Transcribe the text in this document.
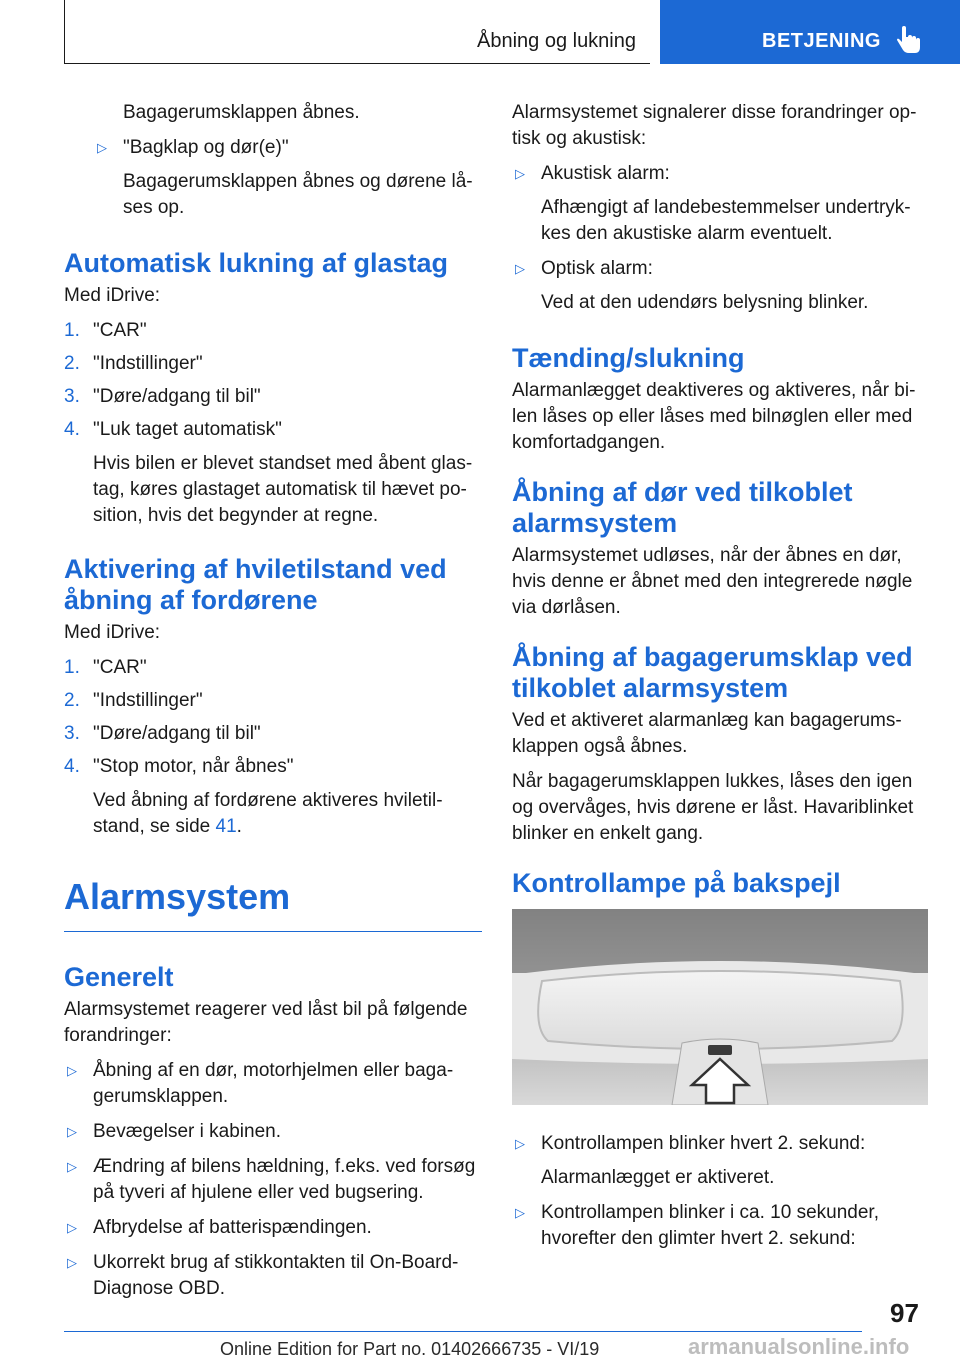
Åbning og lukning	BETJENING

Bagagerumsklappen åbnes.

▷ "Bagklap og dør(e)"
Bagagerumsklappen åbnes og dørene lå-ses op.
Automatisk lukning af glastag

Med iDrive:

1. "CAR"
2. "Indstillinger"
3. "Døre/adgang til bil"
4. "Luk taget automatisk"
Hvis bilen er blevet standset med åbent glas-tag, køres glastaget automatisk til hævet po-sition, hvis det begynder at regne.
Aktivering af hviletilstand ved
åbning af fordørene

Med iDrive:

1. "CAR"
2. "Indstillinger"
3. "Døre/adgang til bil"
4. "Stop motor, når åbnes"
Ved åbning af fordørene aktiveres hviletil-stand, se side 41.
Alarmsystem
Generelt

Alarmsystemet reagerer ved låst bil på følgende forandringer:

▷ Åbning af en dør, motorhjelmen eller baga-gerumsklappen.
▷ Bevægelser i kabinen.
▷ Ændring af bilens hældning, f.eks. ved forsøg på tyveri af hjulene eller ved bugsering.
▷ Afbrydelse af batterispændingen.
▷ Ukorrekt brug af stikkontakten til On-Board-Diagnose OBD.

Alarmsystemet signalerer disse forandringer op-tisk og akustisk:

▷ Akustisk alarm:
Afhængigt af landebestemmelser undertryk-kes den akustiske alarm eventuelt.
▷ Optisk alarm:
Ved at den udendørs belysning blinker.
Tænding/slukning

Alarmanlægget deaktiveres og aktiveres, når bi-len låses op eller låses med bilnøglen eller med komfortadgangen.

Åbning af dør ved tilkoblet
alarmsystem

Alarmsystemet udløses, når der åbnes en dør, hvis denne er åbnet med den integrerede nøgle via dørlåsen.

Åbning af bagagerumsklap ved
tilkoblet alarmsystem

Ved et aktiveret alarmanlæg kan bagagerums-klappen også åbnes.

Når bagagerumsklappen lukkes, låses den igen og overvåges, hvis dørene er låst. Havariblinket blinker en enkelt gang.

Kontrollampe på bakspejl
▷ Kontrollampen blinker hvert 2. sekund:
Alarmanlægget er aktiveret.
▷ Kontrollampen blinker i ca. 10 sekunder, hvorefter den glimter hvert 2. sekund:
97
Online Edition for Part no. 01402666735 - VI/19	armanualsonline.info
